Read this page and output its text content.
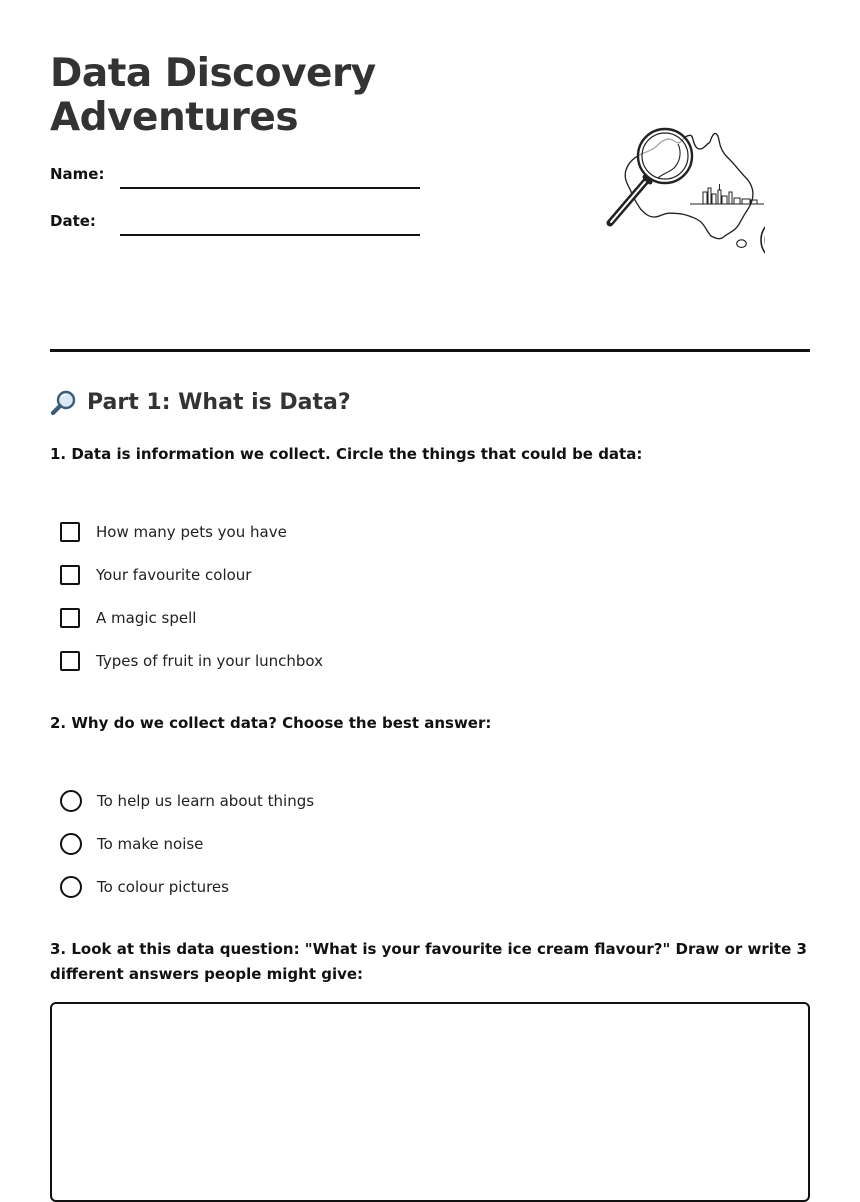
Data Discovery Adventures
Name:
Date:
Part 1: What is Data?

1. Data is information we collect. Circle the things that could be data:

How many pets you have
Your favourite colour
A magic spell
Types of fruit in your lunchbox

2. Why do we collect data? Choose the best answer:

To help us learn about things
To make noise
To colour pictures

3. Look at this data question: "What is your favourite ice cream flavour?" Draw or write 3 different answers people might give:
